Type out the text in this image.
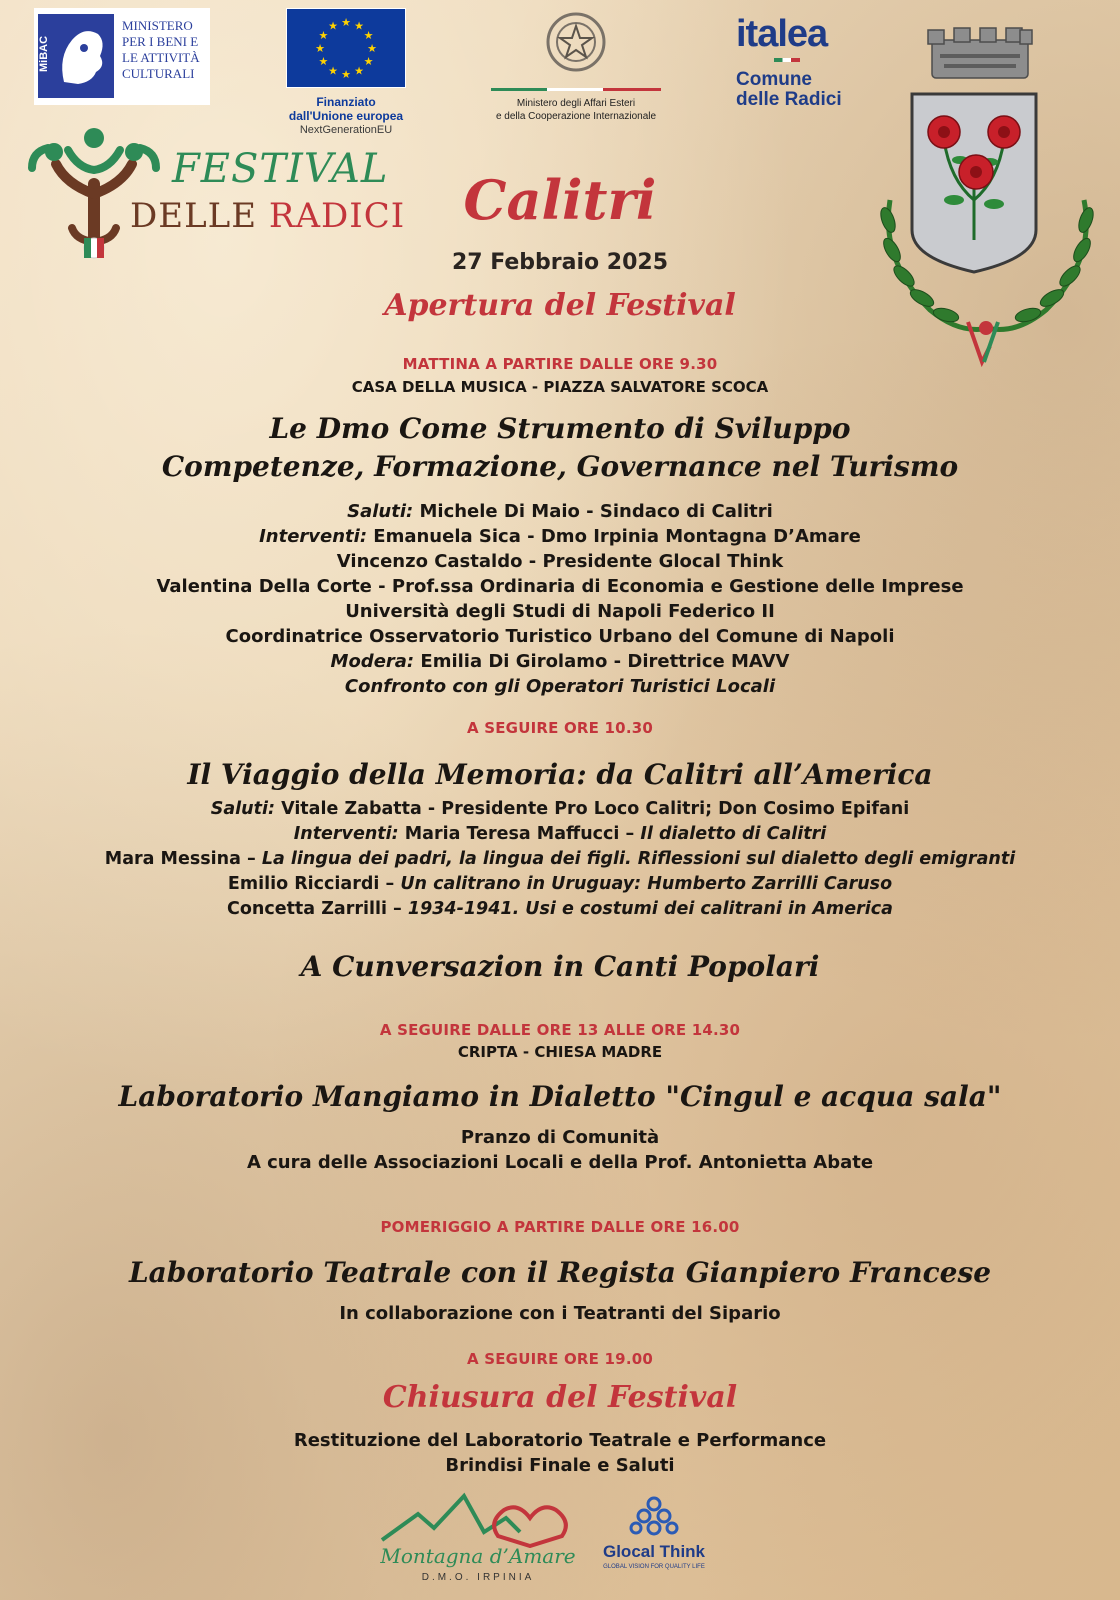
MiBAC
MINISTERO
PER I BENI E
LE ATTIVITÀ
CULTURALI
★
★
★
★
★
★
★
★
★ ★ ★
★
Finanziato
dall'Unione europea
NextGenerationEU
Ministero degli Affari Esteri
e della Cooperazione Internazionale
italea
Comune
delle Radici
FESTIVAL
DELLE RADICI	Calitri
27 Febbraio 2025
Apertura del Festival
MATTINA A PARTIRE DALLE ORE 9.30
CASA DELLA MUSICA - PIAZZA SALVATORE SCOCA
Le Dmo Come Strumento di Sviluppo
Competenze, Formazione, Governance nel Turismo
Saluti: Michele Di Maio - Sindaco di Calitri
Interventi: Emanuela Sica - Dmo Irpinia Montagna D’Amare
Vincenzo Castaldo - Presidente Glocal Think
Valentina Della Corte - Prof.ssa Ordinaria di Economia e Gestione delle Imprese
Università degli Studi di Napoli Federico II
Coordinatrice Osservatorio Turistico Urbano del Comune di Napoli
Modera: Emilia Di Girolamo - Direttrice MAVV
Confronto con gli Operatori Turistici Locali
A SEGUIRE ORE 10.30
Il Viaggio della Memoria: da Calitri all’America
Saluti: Vitale Zabatta - Presidente Pro Loco Calitri; Don Cosimo Epifani
Interventi: Maria Teresa Maffucci – Il dialetto di Calitri
Mara Messina – La lingua dei padri, la lingua dei figli. Riflessioni sul dialetto degli emigranti
Emilio Ricciardi – Un calitrano in Uruguay: Humberto Zarrilli Caruso
Concetta Zarrilli – 1934-1941. Usi e costumi dei calitrani in America
A Cunversazion in Canti Popolari
A SEGUIRE DALLE ORE 13 ALLE ORE 14.30
CRIPTA - CHIESA MADRE
Laboratorio Mangiamo in Dialetto "Cingul e acqua sala"
Pranzo di Comunità
A cura delle Associazioni Locali e della Prof. Antonietta Abate
POMERIGGIO A PARTIRE DALLE ORE 16.00
Laboratorio Teatrale con il Regista Gianpiero Francese
In collaborazione con i Teatranti del Sipario
A SEGUIRE ORE 19.00
Chiusura del Festival
Restituzione del Laboratorio Teatrale e Performance
Brindisi Finale e Saluti
Montagna d’Amare
D.M.O. IRPINIA
Glocal Think
GLOBAL VISION FOR QUALITY LIFE
